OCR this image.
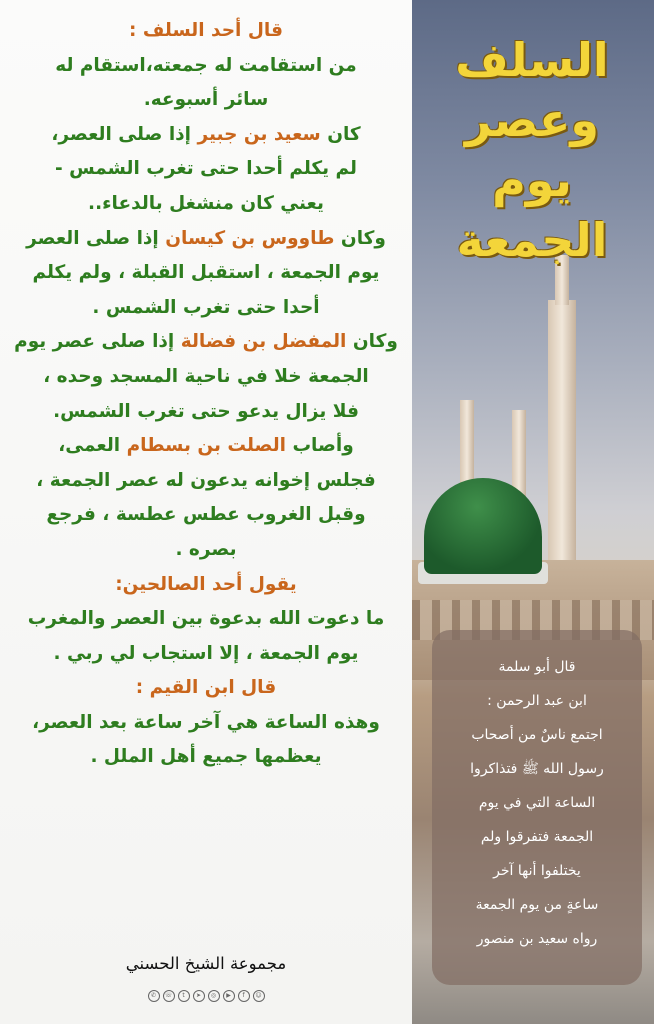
قال أحد السلف :
من استقامت له جمعته،استقام له
سائر أسبوعه.
كان سعيد بن جبير إذا صلى العصر،
لم يكلم أحدا حتى تغرب الشمس -
يعني كان منشغل بالدعاء..
وكان طاووس بن كيسان إذا صلى العصر
يوم الجمعة ، استقبل القبلة ، ولم يكلم
أحدا حتى تغرب الشمس .
وكان المفضل بن فضالة إذا صلى عصر يوم
الجمعة خلا في ناحية المسجد وحده ،
فلا يزال يدعو حتى تغرب الشمس.
وأصاب الصلت بن بسطام العمى،
فجلس إخوانه يدعون له عصر الجمعة ،
وقبل الغروب عطس عطسة ، فرجع
بصره .
يقول أحد الصالحين:
ما دعوت الله بدعوة بين العصر والمغرب
يوم الجمعة ، إلا استجاب لي ربي .
قال ابن القيم :
وهذه الساعة هي آخر ساعة بعد العصر،
يعظمها جميع أهل الملل .
مجموعة الشيخ الحسني
✆	☏	t	➤	◎	▶	f	☺
السلف
وعصر
يوم
الجمعة
قال أبو سلمة
ابن عبد الرحمن :
اجتمع ناسٌ من أصحاب
رسول الله ﷺ فتذاكروا
الساعة التي في يوم
الجمعة فتفرقوا ولم
يختلفوا أنها آخر
ساعةٍ من يوم الجمعة
رواه سعيد بن منصور
